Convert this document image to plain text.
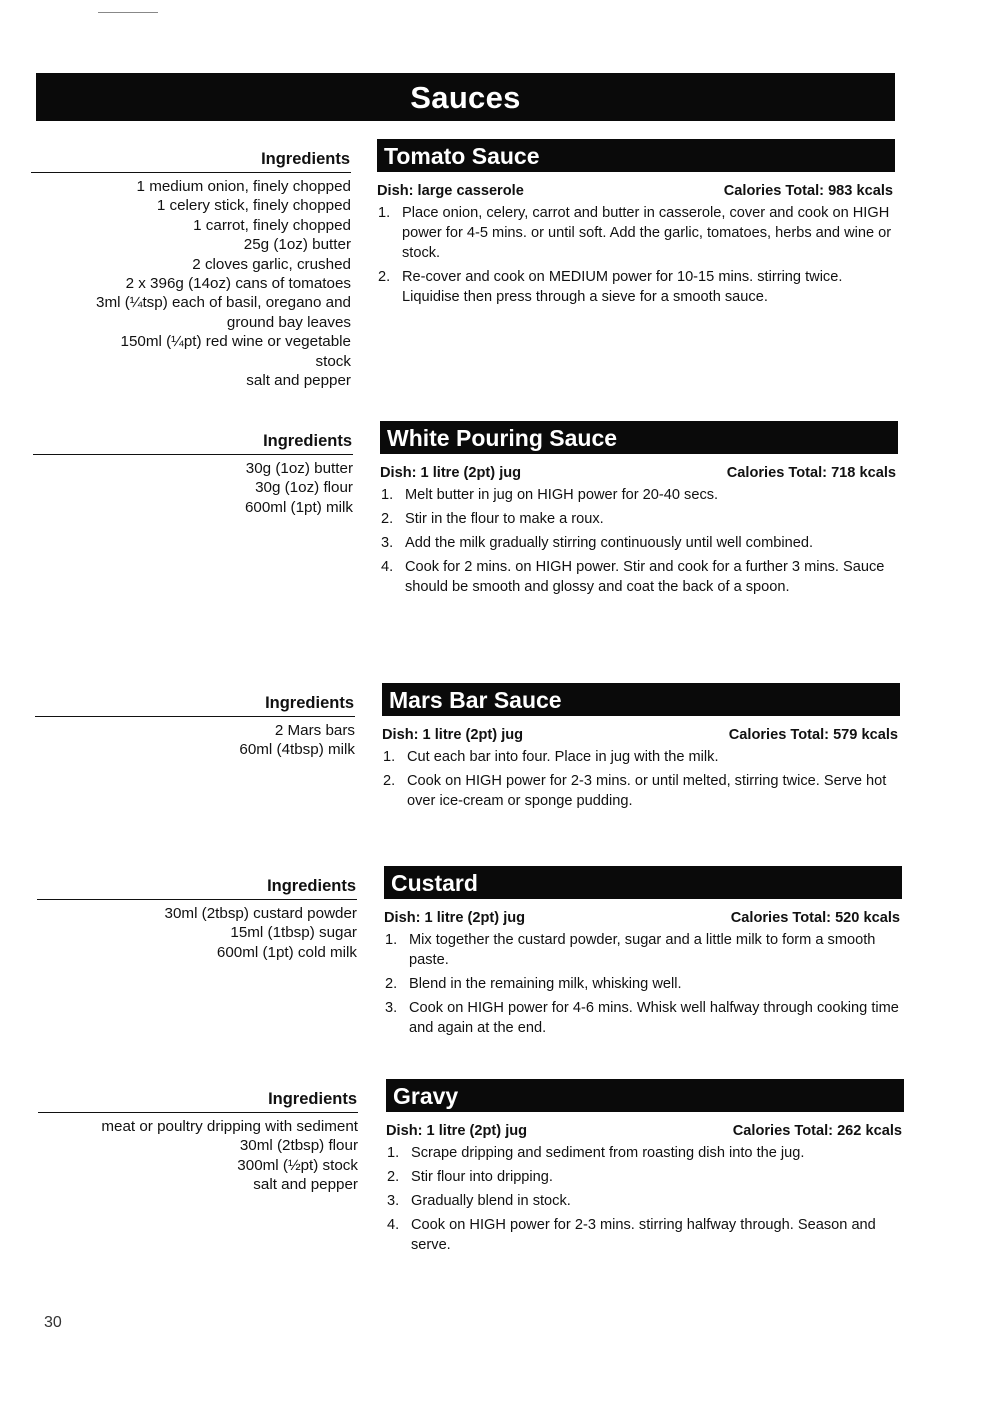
Sauces
Ingredients
1 medium onion, finely chopped
1 celery stick, finely chopped
1 carrot, finely chopped
25g (1oz) butter
2 cloves garlic, crushed
2 x 396g (14oz) cans of tomatoes
3ml (¼tsp) each of basil, oregano and
ground bay leaves
150ml (¼pt) red wine or vegetable
stock
salt and pepper
Tomato Sauce
Dish: large casserole	Calories Total: 983 kcals
1. Place onion, celery, carrot and butter in casserole, cover and cook on HIGH power for 4-5 mins. or until soft. Add the garlic, tomatoes, herbs and wine or stock.
2. Re-cover and cook on MEDIUM power for 10-15 mins. stirring twice. Liquidise then press through a sieve for a smooth sauce.
Ingredients
30g (1oz) butter
30g (1oz) flour
600ml (1pt) milk
White Pouring Sauce
Dish: 1 litre (2pt) jug	Calories Total: 718 kcals
1. Melt butter in jug on HIGH power for 20-40 secs.
2. Stir in the flour to make a roux.
3. Add the milk gradually stirring continuously until well combined.
4. Cook for 2 mins. on HIGH power. Stir and cook for a further 3 mins. Sauce should be smooth and glossy and coat the back of a spoon.
Ingredients
2 Mars bars
60ml (4tbsp) milk
Mars Bar Sauce
Dish: 1 litre (2pt) jug	Calories Total: 579 kcals
1. Cut each bar into four. Place in jug with the milk.
2. Cook on HIGH power for 2-3 mins. or until melted, stirring twice. Serve hot over ice-cream or sponge pudding.
Ingredients
30ml (2tbsp) custard powder
15ml (1tbsp) sugar
600ml (1pt) cold milk
Custard
Dish: 1 litre (2pt) jug	Calories Total: 520 kcals
1. Mix together the custard powder, sugar and a little milk to form a smooth paste.
2. Blend in the remaining milk, whisking well.
3. Cook on HIGH power for 4-6 mins. Whisk well halfway through cooking time and again at the end.
Ingredients
meat or poultry dripping with sediment
30ml (2tbsp) flour
300ml (½pt) stock
salt and pepper
Gravy
Dish: 1 litre (2pt) jug	Calories Total: 262 kcals
1. Scrape dripping and sediment from roasting dish into the jug.
2. Stir flour into dripping.
3. Gradually blend in stock.
4. Cook on HIGH power for 2-3 mins. stirring halfway through. Season and serve.
30
